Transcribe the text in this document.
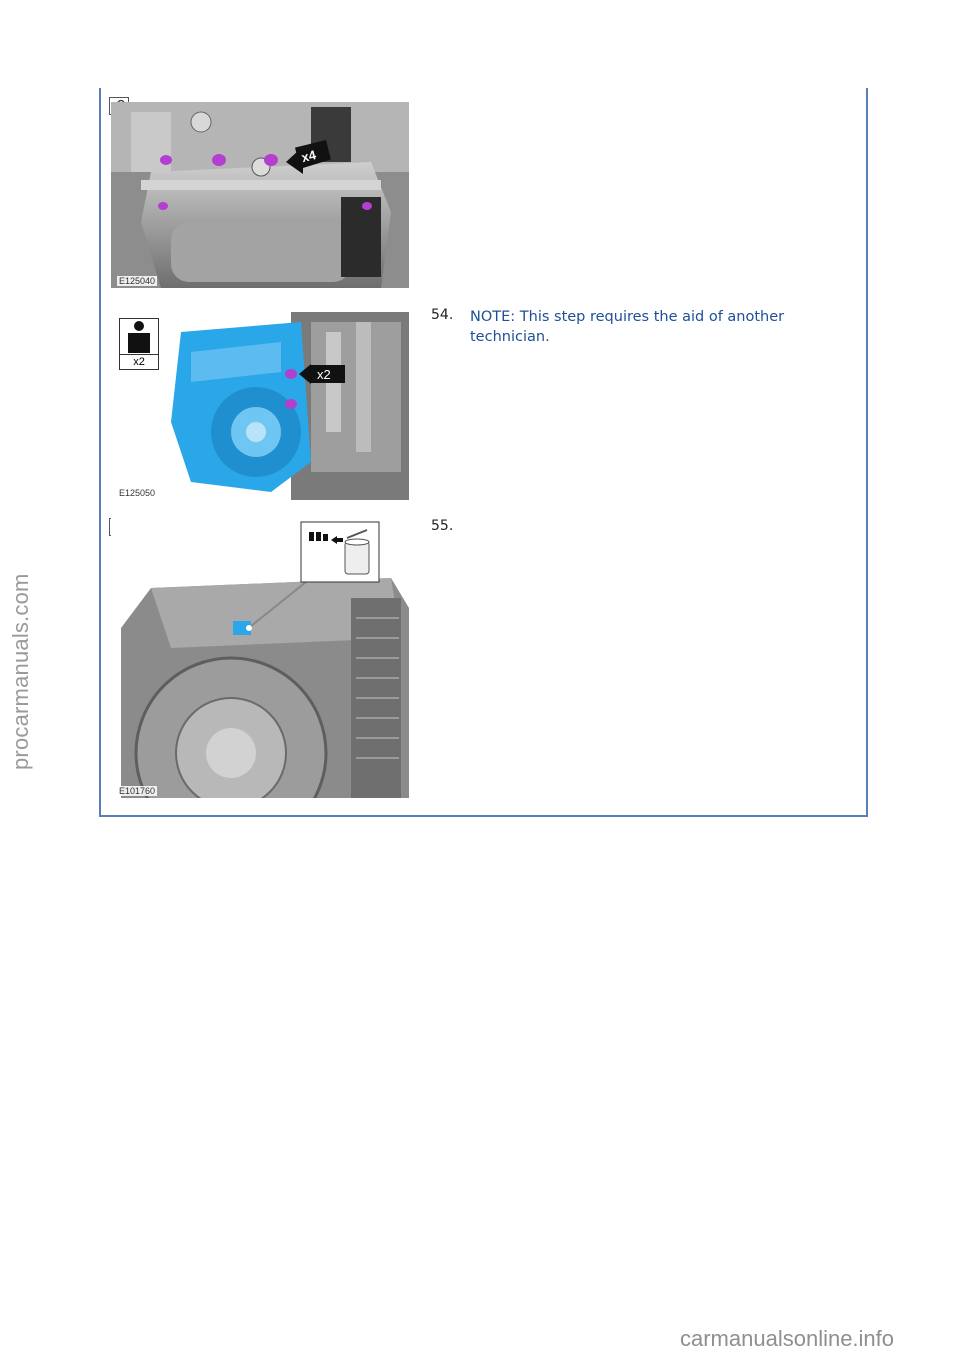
procarmanuals.com
carmanualsonline.info
x4
E125040
54. NOTE: This step requires the aid of another technician.
x2
E125050
x2
55.
E101760
